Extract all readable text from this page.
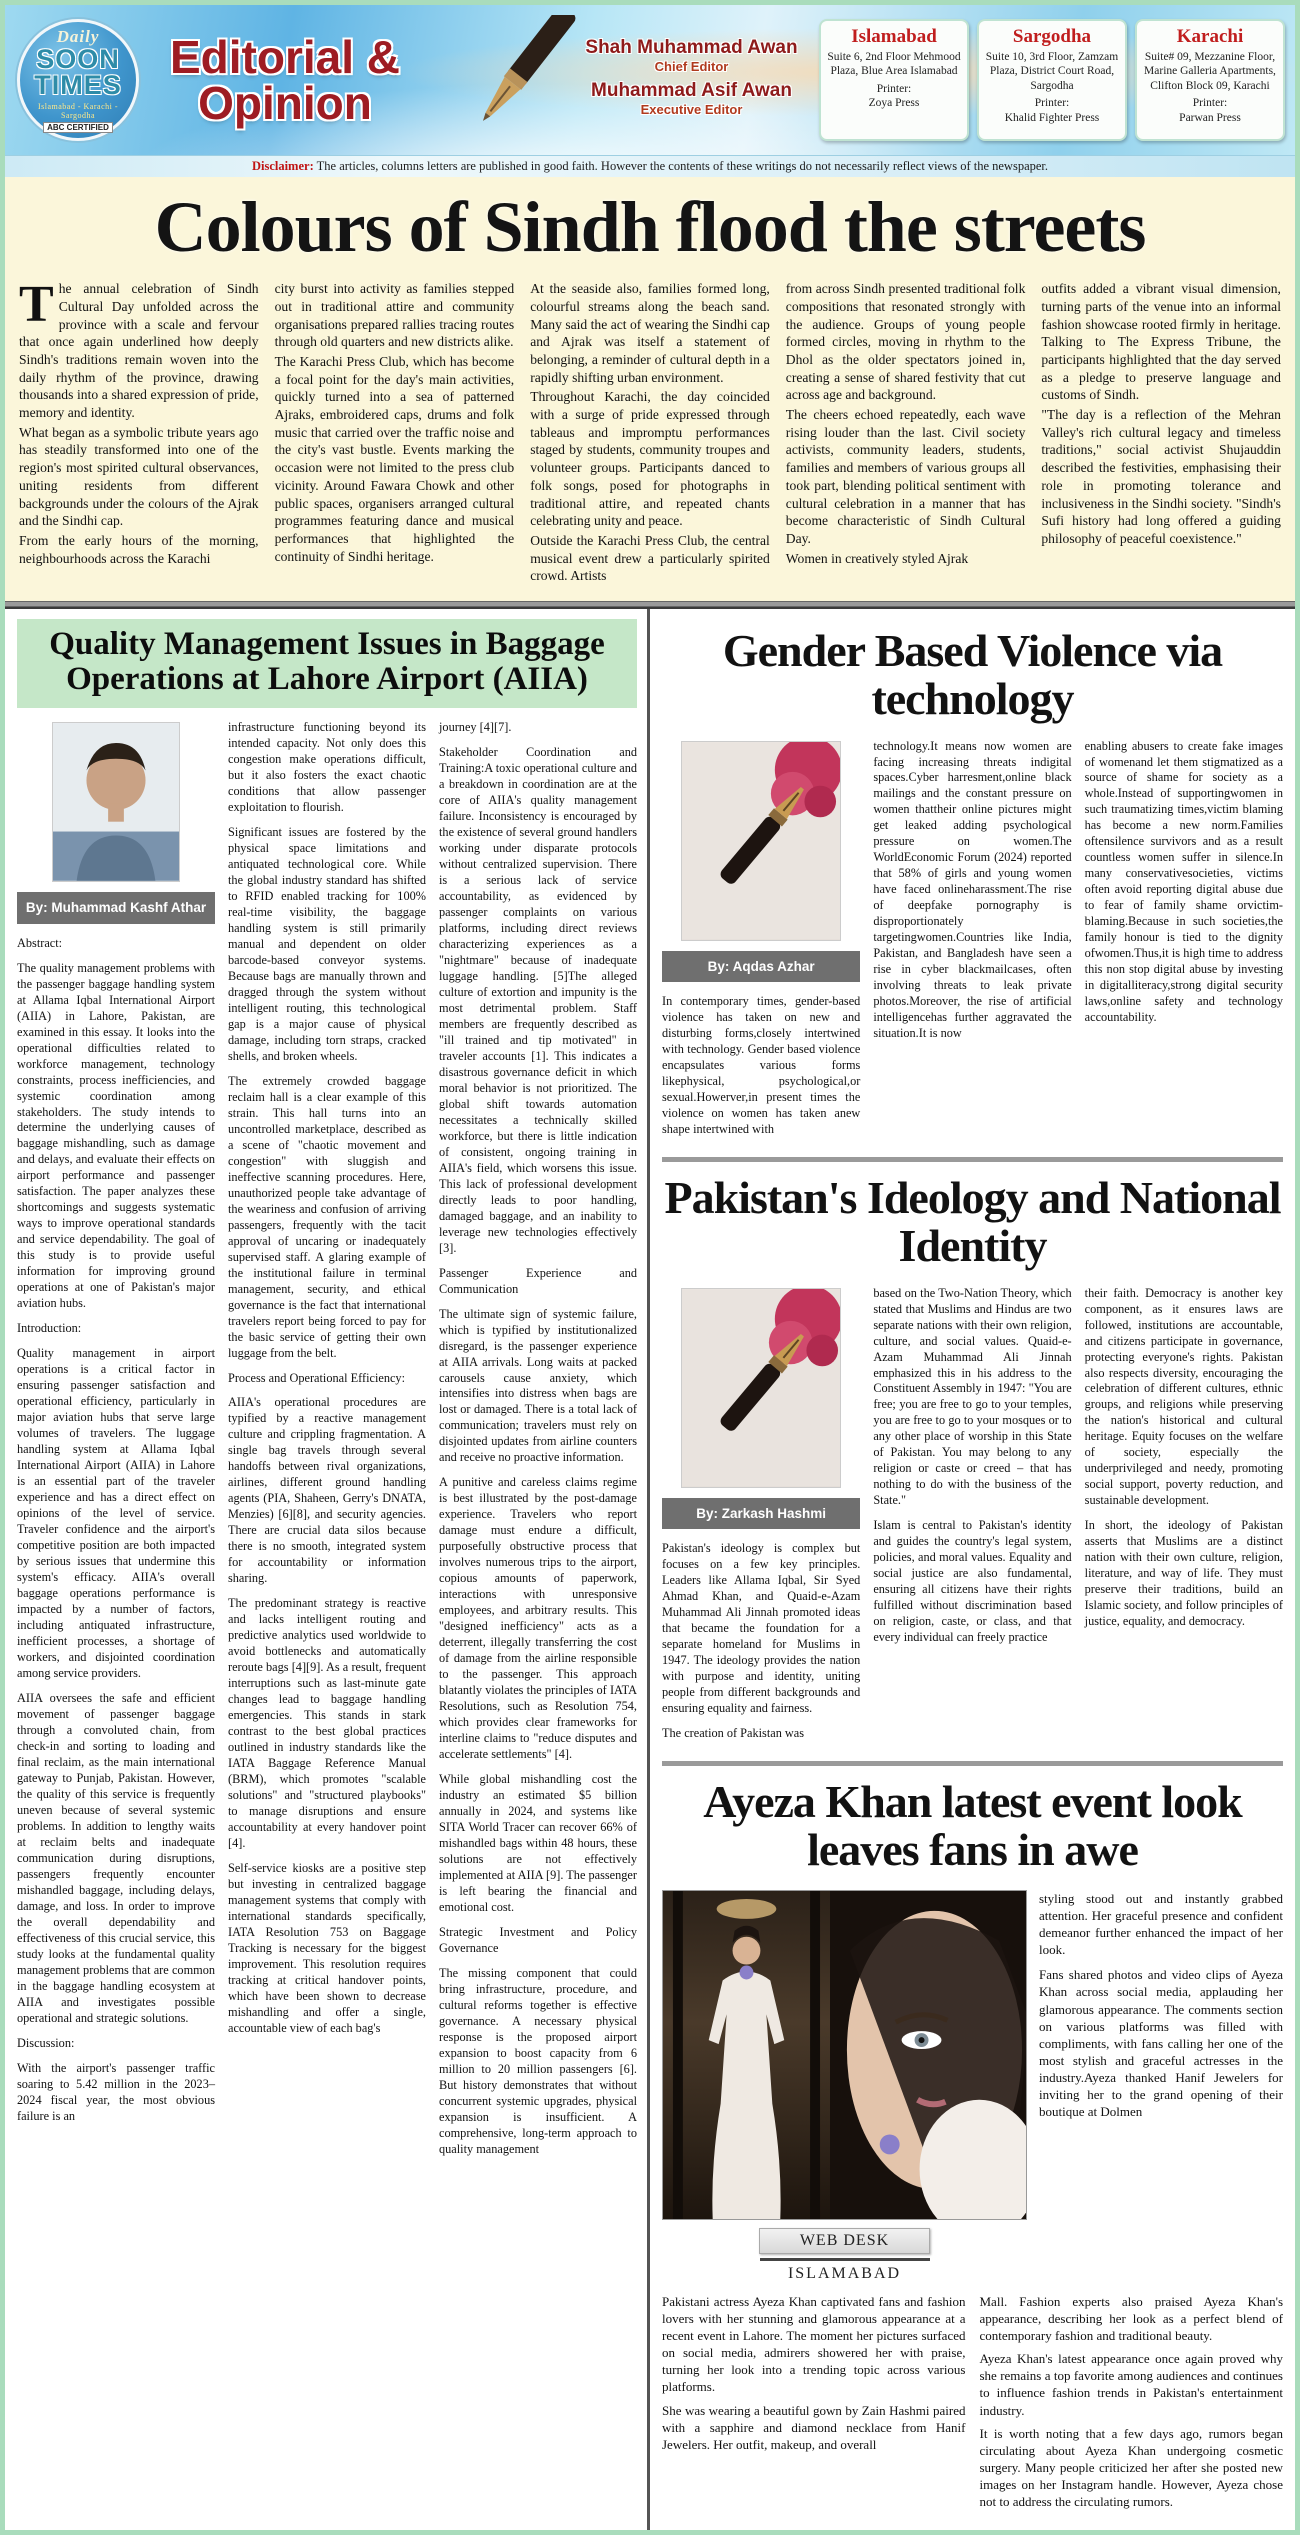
Daily
SOON
TIMES
Islamabad - Karachi - Sargodha
ABC CERTIFIED
Editorial &
Opinion
Shah Muhammad Awan
Chief Editor
Muhammad Asif Awan
Executive Editor
Islamabad
Suite 6, 2nd Floor Mehmood Plaza, Blue Area Islamabad
Printer:
Zoya Press
Sargodha
Suite 10, 3rd Floor, Zamzam Plaza, District Court Road, Sargodha
Printer:
Khalid Fighter Press
Karachi
Suite# 09, Mezzanine Floor, Marine Galleria Apartments, Clifton Block 09, Karachi
Printer:
Parwan Press
Disclaimer: The articles, columns letters are published in good faith. However the contents of these writings do not necessarily reflect views of the newspaper.
Colours of Sindh flood the streets

The annual celebration of Sindh Cultural Day unfolded across the province with a scale and fervour that once again underlined how deeply Sindh's traditions remain woven into the daily rhythm of the province, drawing thousands into a shared expression of pride, memory and identity.

What began as a symbolic tribute years ago has steadily transformed into one of the region's most spirited cultural observances, uniting residents from different backgrounds under the colours of the Ajrak and the Sindhi cap.

From the early hours of the morning, neighbourhoods across the Karachi

city burst into activity as families stepped out in traditional attire and community organisations prepared rallies tracing routes through old quarters and new districts alike.

The Karachi Press Club, which has become a focal point for the day's main activities, quickly turned into a sea of patterned Ajraks, embroidered caps, drums and folk music that carried over the traffic noise and the city's vast bustle. Events marking the occasion were not limited to the press club vicinity. Around Fawara Chowk and other public spaces, organisers arranged cultural programmes featuring dance and musical performances that highlighted the continuity of Sindhi heritage.

At the seaside also, families formed long, colourful streams along the beach sand. Many said the act of wearing the Sindhi cap and Ajrak was itself a statement of belonging, a reminder of cultural depth in a rapidly shifting urban environment.

Throughout Karachi, the day coincided with a surge of pride expressed through tableaus and impromptu performances staged by students, community troupes and volunteer groups. Participants danced to folk songs, posed for photographs in traditional attire, and repeated chants celebrating unity and peace.

Outside the Karachi Press Club, the central musical event drew a particularly spirited crowd. Artists

from across Sindh presented traditional folk compositions that resonated strongly with the audience. Groups of young people formed circles, moving in rhythm to the Dhol as the older spectators joined in, creating a sense of shared festivity that cut across age and background.

The cheers echoed repeatedly, each wave rising louder than the last. Civil society activists, community leaders, students, families and members of various groups all took part, blending political sentiment with cultural celebration in a manner that has become characteristic of Sindh Cultural Day.

Women in creatively styled Ajrak

outfits added a vibrant visual dimension, turning parts of the venue into an informal fashion showcase rooted firmly in heritage. Talking to The Express Tribune, the participants highlighted that the day served as a pledge to preserve language and customs of Sindh.

"The day is a reflection of the Mehran Valley's rich cultural legacy and timeless traditions," social activist Shujauddin described the festivities, emphasising their role in promoting tolerance and inclusiveness in the Sindhi society. "Sindh's Sufi history had long offered a guiding philosophy of peaceful coexistence."

Quality Management Issues in Baggage Operations at Lahore Airport (AIIA)
By: Muhammad Kashf Athar

Abstract:

The quality management problems with the passenger baggage handling system at Allama Iqbal International Airport (AIIA) in Lahore, Pakistan, are examined in this essay. It looks into the operational difficulties related to workforce management, technology constraints, process inefficiencies, and systemic coordination among stakeholders. The study intends to determine the underlying causes of baggage mishandling, such as damage and delays, and evaluate their effects on airport performance and passenger satisfaction. The paper analyzes these shortcomings and suggests systematic ways to improve operational standards and service dependability. The goal of this study is to provide useful information for improving ground operations at one of Pakistan's major aviation hubs.

Introduction:

Quality management in airport operations is a critical factor in ensuring passenger satisfaction and operational efficiency, particularly in major aviation hubs that serve large volumes of travelers. The luggage handling system at Allama Iqbal International Airport (AIIA) in Lahore is an essential part of the traveler experience and has a direct effect on opinions of the level of service. Traveler confidence and the airport's competitive position are both impacted by serious issues that undermine this system's efficacy. AIIA's overall baggage operations performance is impacted by a number of factors, including antiquated infrastructure, inefficient processes, a shortage of workers, and disjointed coordination among service providers.

AIIA oversees the safe and efficient movement of passenger baggage through a convoluted chain, from check-in and sorting to loading and final reclaim, as the main international gateway to Punjab, Pakistan. However, the quality of this service is frequently uneven because of several systemic problems. In addition to lengthy waits at reclaim belts and inadequate communication during disruptions, passengers frequently encounter mishandled baggage, including delays, damage, and loss. In order to improve the overall dependability and effectiveness of this crucial service, this study looks at the fundamental quality management problems that are common in the baggage handling ecosystem at AIIA and investigates possible operational and strategic solutions.

Discussion:

With the airport's passenger traffic soaring to 5.42 million in the 2023–2024 fiscal year, the most obvious failure is an

infrastructure functioning beyond its intended capacity. Not only does this congestion make operations difficult, but it also fosters the exact chaotic conditions that allow passenger exploitation to flourish.

Significant issues are fostered by the physical space limitations and antiquated technological core. While the global industry standard has shifted to RFID enabled tracking for 100% real-time visibility, the baggage handling system is still primarily manual and dependent on older barcode-based conveyor systems. Because bags are manually thrown and dragged through the system without intelligent routing, this technological gap is a major cause of physical damage, including torn straps, cracked shells, and broken wheels.

The extremely crowded baggage reclaim hall is a clear example of this strain. This hall turns into an uncontrolled marketplace, described as a scene of "chaotic movement and congestion" with sluggish and ineffective scanning procedures. Here, unauthorized people take advantage of the weariness and confusion of arriving passengers, frequently with the tacit approval of uncaring or inadequately supervised staff. A glaring example of the institutional failure in terminal management, security, and ethical governance is the fact that international travelers report being forced to pay for the basic service of getting their own luggage from the belt.

Process and Operational Efficiency:

AIIA's operational procedures are typified by a reactive management culture and crippling fragmentation. A single bag travels through several handoffs between rival organizations, airlines, different ground handling agents (PIA, Shaheen, Gerry's DNATA, Menzies) [6][8], and security agencies. There are crucial data silos because there is no smooth, integrated system for accountability or information sharing.

The predominant strategy is reactive and lacks intelligent routing and predictive analytics used worldwide to avoid bottlenecks and automatically reroute bags [4][9]. As a result, frequent interruptions such as last-minute gate changes lead to baggage handling emergencies. This stands in stark contrast to the best global practices outlined in industry standards like the IATA Baggage Reference Manual (BRM), which promotes "scalable solutions" and "structured playbooks" to manage disruptions and ensure accountability at every handover point [4].

Self-service kiosks are a positive step but investing in centralized baggage management systems that comply with international standards specifically, IATA Resolution 753 on Baggage Tracking is necessary for the biggest improvement. This resolution requires tracking at critical handover points, which have been shown to decrease mishandling and offer a single, accountable view of each bag's

journey [4][7].

Stakeholder Coordination and Training:A toxic operational culture and a breakdown in coordination are at the core of AIIA's quality management failure. Inconsistency is encouraged by the existence of several ground handlers working under disparate protocols without centralized supervision. There is a serious lack of service accountability, as evidenced by passenger complaints on various platforms, including direct reviews characterizing experiences as a "nightmare" because of inadequate luggage handling. [5]The alleged culture of extortion and impunity is the most detrimental problem. Staff members are frequently described as "ill trained and tip motivated" in traveler accounts [1]. This indicates a disastrous governance deficit in which moral behavior is not prioritized. The global shift towards automation necessitates a technically skilled workforce, but there is little indication of consistent, ongoing training in AIIA's field, which worsens this issue. This lack of professional development directly leads to poor handling, damaged baggage, and an inability to leverage new technologies effectively [3].

Passenger Experience and Communication

The ultimate sign of systemic failure, which is typified by institutionalized disregard, is the passenger experience at AIIA arrivals. Long waits at packed carousels cause anxiety, which intensifies into distress when bags are lost or damaged. There is a total lack of communication; travelers must rely on disjointed updates from airline counters and receive no proactive information.

A punitive and careless claims regime is best illustrated by the post-damage experience. Travelers who report damage must endure a difficult, purposefully obstructive process that involves numerous trips to the airport, copious amounts of paperwork, interactions with unresponsive employees, and arbitrary results. This "designed inefficiency" acts as a deterrent, illegally transferring the cost of damage from the airline responsible to the passenger. This approach blatantly violates the principles of IATA Resolutions, such as Resolution 754, which provides clear frameworks for interline claims to "reduce disputes and accelerate settlements" [4].

While global mishandling cost the industry an estimated $5 billion annually in 2024, and systems like SITA World Tracer can recover 66% of mishandled bags within 48 hours, these solutions are not effectively implemented at AIIA [9]. The passenger is left bearing the financial and emotional cost.

Strategic Investment and Policy Governance

The missing component that could bring infrastructure, procedure, and cultural reforms together is effective governance. A necessary physical response is the proposed airport expansion to boost capacity from 6 million to 20 million passengers [6]. But history demonstrates that without concurrent systemic upgrades, physical expansion is insufficient. A comprehensive, long-term approach to quality management

Gender Based Violence via technology
By: Aqdas Azhar

In contemporary times, gender-based violence has taken on new and disturbing forms,closely intertwined with technology. Gender based violence encapsulates various forms likephysical, psychological,or sexual.Howerver,in present times the violence on women has taken anew shape intertwined with

technology.It means now women are facing increasing threats indigital spaces.Cyber harresment,online black mailings and the constant pressure on women thattheir online pictures might get leaked adding psychological pressure on women.The WorldEconomic Forum (2024) reported that 58% of girls and young women have faced onlineharassment.The rise of deepfake pornography is disproportionately targetingwomen.Countries like India, Pakistan, and Bangladesh have seen a rise in cyber blackmailcases, often involving threats to leak private photos.Moreover, the rise of artificial intelligencehas further aggravated the situation.It is now

enabling abusers to create fake images of womenand let them stigmatized as a source of shame for society as a whole.Instead of supportingwomen in such traumatizing times,victim blaming has become a new norm.Families oftensilence survivors and as a result countless women suffer in silence.In many conservativesocieties, victims often avoid reporting digital abuse due to fear of family shame orvictim-blaming.Because in such societies,the family honour is tied to the dignity ofwomen.Thus,it is high time to address this non stop digital abuse by investing in digitalliteracy,strong digital security laws,online safety and technology accountability.

Pakistan's Ideology and National Identity
By: Zarkash Hashmi

Pakistan's ideology is complex but focuses on a few key principles. Leaders like Allama Iqbal, Sir Syed Ahmad Khan, and Quaid-e-Azam Muhammad Ali Jinnah promoted ideas that became the foundation for a separate homeland for Muslims in 1947. The ideology provides the nation with purpose and identity, uniting people from different backgrounds and ensuring equality and fairness.

The creation of Pakistan was

based on the Two-Nation Theory, which stated that Muslims and Hindus are two separate nations with their own religion, culture, and social values. Quaid-e-Azam Muhammad Ali Jinnah emphasized this in his address to the Constituent Assembly in 1947: "You are free; you are free to go to your temples, you are free to go to your mosques or to any other place of worship in this State of Pakistan. You may belong to any religion or caste or creed – that has nothing to do with the business of the State."

Islam is central to Pakistan's identity and guides the country's legal system, policies, and moral values. Equality and social justice are also fundamental, ensuring all citizens have their rights fulfilled without discrimination based on religion, caste, or class, and that every individual can freely practice

their faith. Democracy is another key component, as it ensures laws are followed, institutions are accountable, and citizens participate in governance, protecting everyone's rights. Pakistan also respects diversity, encouraging the celebration of different cultures, ethnic groups, and religions while preserving the nation's historical and cultural heritage. Equity focuses on the welfare of society, especially the underprivileged and needy, promoting social support, poverty reduction, and sustainable development.

In short, the ideology of Pakistan asserts that Muslims are a distinct nation with their own culture, religion, literature, and way of life. They must preserve their traditions, build an Islamic society, and follow principles of justice, equality, and democracy.

Ayeza Khan latest event look leaves fans in awe
WEB DESK
ISLAMABAD

styling stood out and instantly grabbed attention. Her graceful presence and confident demeanor further enhanced the impact of her look.

Fans shared photos and video clips of Ayeza Khan across social media, applauding her glamorous appearance. The comments section on various platforms was filled with compliments, with fans calling her one of the most stylish and graceful actresses in the industry.Ayeza thanked Hanif Jewelers for inviting her to the grand opening of their boutique at Dolmen

Pakistani actress Ayeza Khan captivated fans and fashion lovers with her stunning and glamorous appearance at a recent event in Lahore. The moment her pictures surfaced on social media, admirers showered her with praise, turning her look into a trending topic across various platforms.

She was wearing a beautiful gown by Zain Hashmi paired with a sapphire and diamond necklace from Hanif Jewelers. Her outfit, makeup, and overall

Mall. Fashion experts also praised Ayeza Khan's appearance, describing her look as a perfect blend of contemporary fashion and traditional beauty.

Ayeza Khan's latest appearance once again proved why she remains a top favorite among audiences and continues to influence fashion trends in Pakistan's entertainment industry.

It is worth noting that a few days ago, rumors began circulating about Ayeza Khan undergoing cosmetic surgery. Many people criticized her after she posted new images on her Instagram handle. However, Ayeza chose not to address the circulating rumors.
